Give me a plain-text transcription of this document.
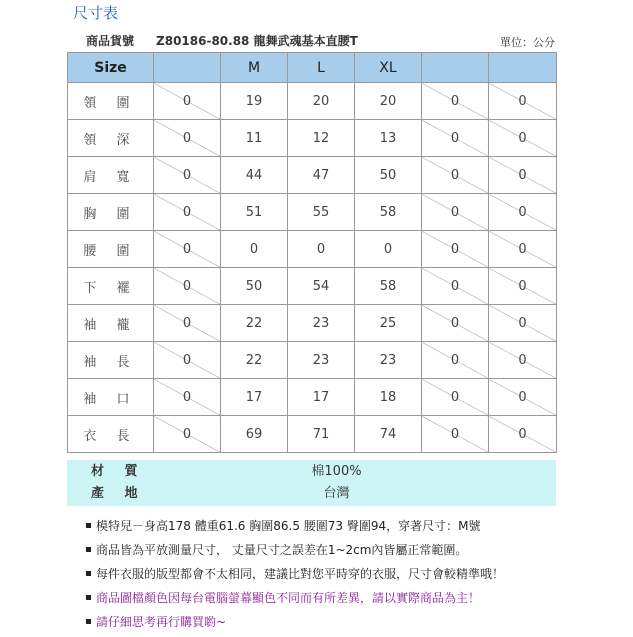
尺寸表
商品貨號 Z80186-80.88 龍舞武魂基本直腰T	單位：公分
Size		M	L	XL		
領 圍	0	19	20	20	0	0
領 深	0	11	12	13	0	0
肩 寬	0	44	47	50	0	0
胸 圍	0	51	55	58	0	0
腰 圍	0	0	0	0	0	0
下 襬	0	50	54	58	0	0
袖 襱	0	22	23	25	0	0
袖 長	0	22	23	23	0	0
袖 口	0	17	17	18	0	0
衣 長	0	69	71	74	0	0
材 質	棉100%
產 地	台灣
模特兒－身高178 體重61.6 胸圍86.5 腰圍73 臀圍94，穿著尺寸：M號
商品皆為平放測量尺寸， 丈量尺寸之誤差在1~2cm內皆屬正常範圍。
每件衣服的版型都會不太相同，建議比對您平時穿的衣服，尺寸會較精準哦！
商品圖檔顏色因每台電腦螢幕顯色不同而有所差異，請以實際商品為主！
請仔細思考再行購買喲~
